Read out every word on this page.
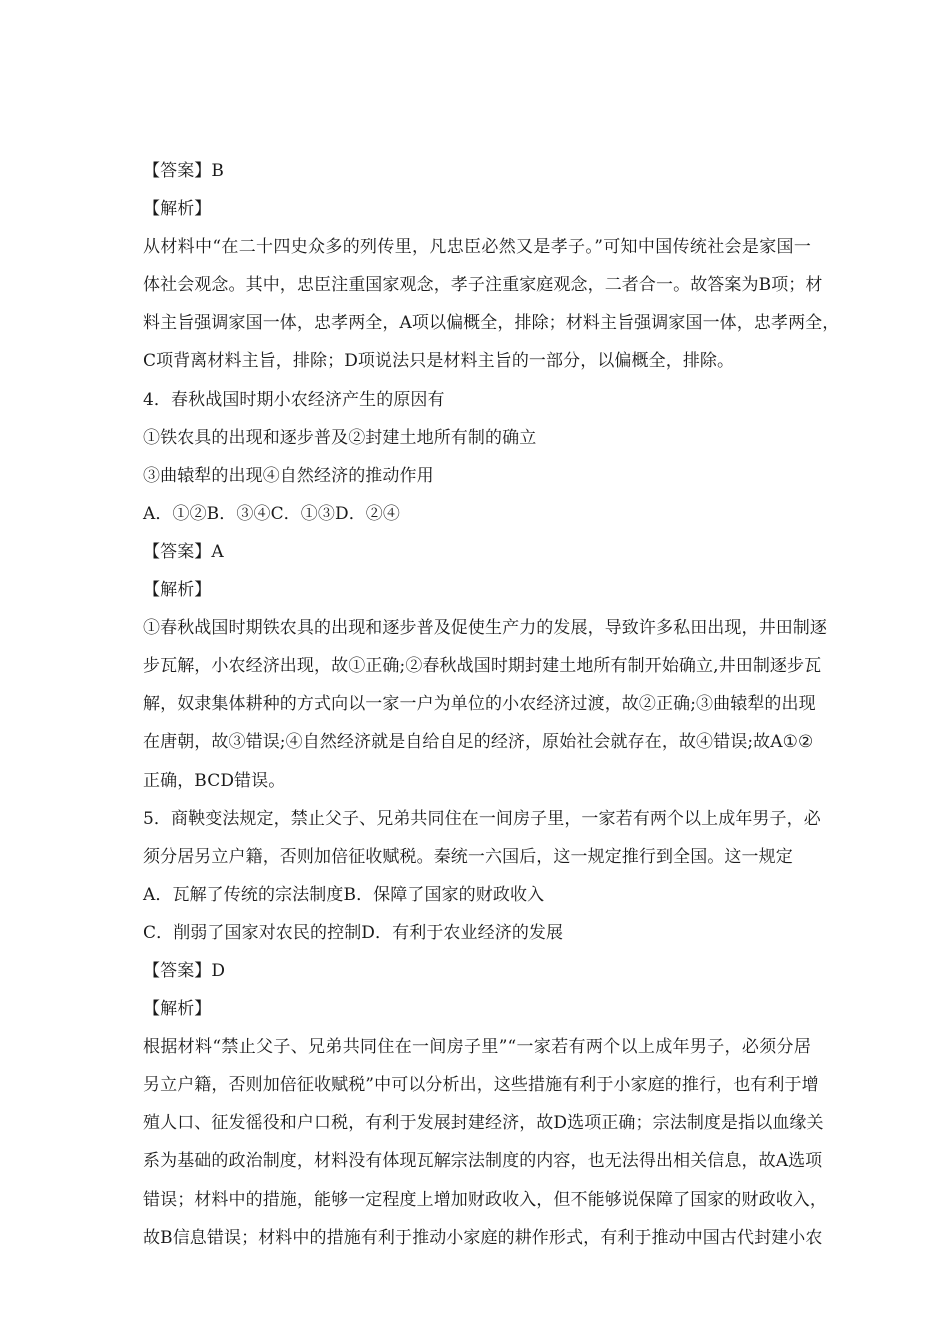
【答案】B
【解析】
从材料中“在二十四史众多的列传里，凡忠臣必然又是孝子。”可知中国传统社会是家国一
体社会观念。其中，忠臣注重国家观念，孝子注重家庭观念，二者合一。故答案为B项；材
料主旨强调家国一体，忠孝两全，A项以偏概全，排除；材料主旨强调家国一体，忠孝两全，
C项背离材料主旨，排除；D项说法只是材料主旨的一部分，以偏概全，排除。
4．春秋战国时期小农经济产生的原因有
①铁农具的出现和逐步普及②封建土地所有制的确立
③曲辕犁的出现④自然经济的推动作用
A．①②B．③④C．①③D．②④
【答案】A
【解析】
①春秋战国时期铁农具的出现和逐步普及促使生产力的发展，导致许多私田出现，井田制逐
步瓦解，小农经济出现，故①正确;②春秋战国时期封建土地所有制开始确立,井田制逐步瓦
解，奴隶集体耕种的方式向以一家一户为单位的小农经济过渡，故②正确;③曲辕犁的出现
在唐朝，故③错误;④自然经济就是自给自足的经济，原始社会就存在，故④错误;故A①②
正确，BCD错误。
5．商鞅变法规定，禁止父子、兄弟共同住在一间房子里，一家若有两个以上成年男子，必
须分居另立户籍，否则加倍征收赋税。秦统一六国后，这一规定推行到全国。这一规定
A．瓦解了传统的宗法制度B．保障了国家的财政收入
C．削弱了国家对农民的控制D．有利于农业经济的发展
【答案】D
【解析】
根据材料“禁止父子、兄弟共同住在一间房子里”“一家若有两个以上成年男子，必须分居
另立户籍，否则加倍征收赋税”中可以分析出，这些措施有利于小家庭的推行，也有利于增
殖人口、征发徭役和户口税，有利于发展封建经济，故D选项正确；宗法制度是指以血缘关
系为基础的政治制度，材料没有体现瓦解宗法制度的内容，也无法得出相关信息，故A选项
错误；材料中的措施，能够一定程度上增加财政收入，但不能够说保障了国家的财政收入，
故B信息错误；材料中的措施有利于推动小家庭的耕作形式，有利于推动中国古代封建小农
